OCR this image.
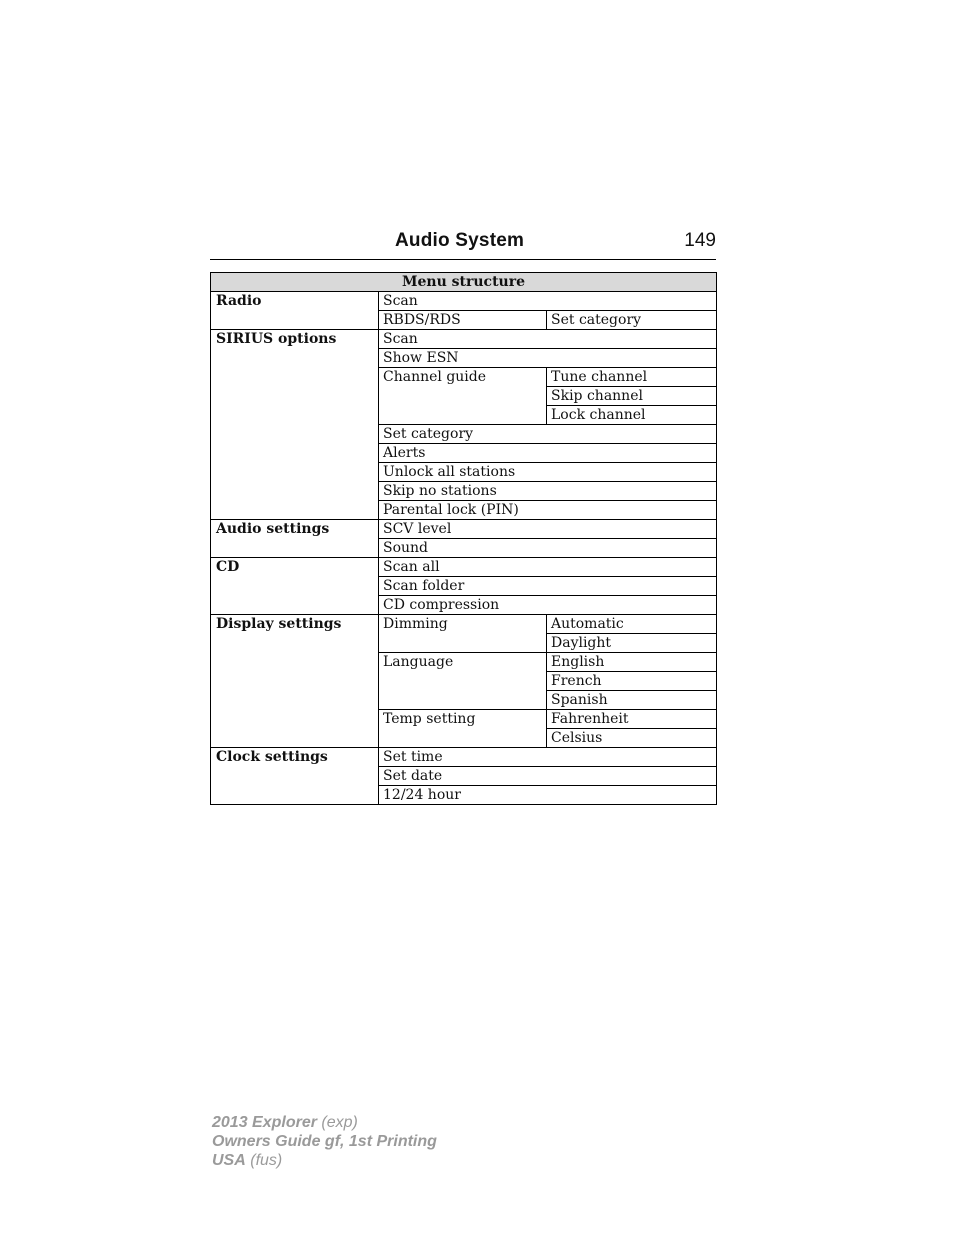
Audio System	149
Menu structure		
Radio	Scan	
	RBDS/RDS	Set category
SIRIUS options	Scan	
	Show ESN	
	Channel guide	Tune channel
		Skip channel
		Lock channel
	Set category	
	Alerts	
	Unlock all stations	
	Skip no stations	
	Parental lock (PIN)	
Audio settings	SCV level	
	Sound	
CD	Scan all	
	Scan folder	
	CD compression	
Display settings	Dimming	Automatic
		Daylight
	Language	English
		French
		Spanish
	Temp setting	Fahrenheit
		Celsius
Clock settings	Set time	
	Set date	
	12/24 hour	
2013 Explorer (exp)
Owners Guide gf, 1st Printing
USA (fus)
